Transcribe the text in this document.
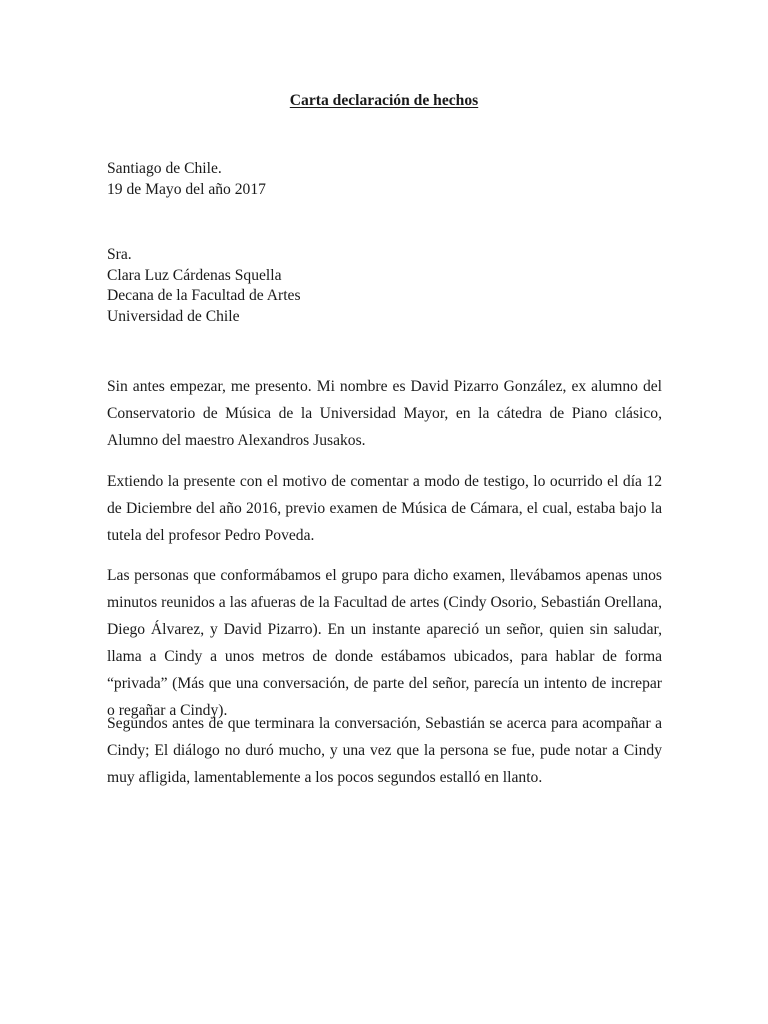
Carta declaración de hechos
Santiago de Chile.
19 de Mayo del año 2017
Sra.
Clara Luz Cárdenas Squella
Decana de la Facultad de Artes
Universidad de Chile

Sin antes empezar, me presento. Mi nombre es David Pizarro González, ex alumno del Conservatorio de Música de la Universidad Mayor, en la cátedra de Piano clásico, Alumno del maestro Alexandros Jusakos.

Extiendo la presente con el motivo de comentar a modo de testigo, lo ocurrido el día 12 de Diciembre del año 2016, previo examen de Música de Cámara, el cual, estaba bajo la tutela del profesor Pedro Poveda.

Las personas que conformábamos el grupo para dicho examen, llevábamos apenas unos minutos reunidos a las afueras de la Facultad de artes (Cindy Osorio, Sebastián Orellana, Diego Álvarez, y David Pizarro). En un instante apareció un señor, quien sin saludar, llama a Cindy a unos metros de donde estábamos ubicados, para hablar de forma “privada” (Más que una conversación, de parte del señor, parecía un intento de increpar o regañar a Cindy).

Segundos antes de que terminara la conversación, Sebastián se acerca para acompañar a Cindy; El diálogo no duró mucho, y una vez que la persona se fue, pude notar a Cindy muy afligida, lamentablemente a los pocos segundos estalló en llanto.
